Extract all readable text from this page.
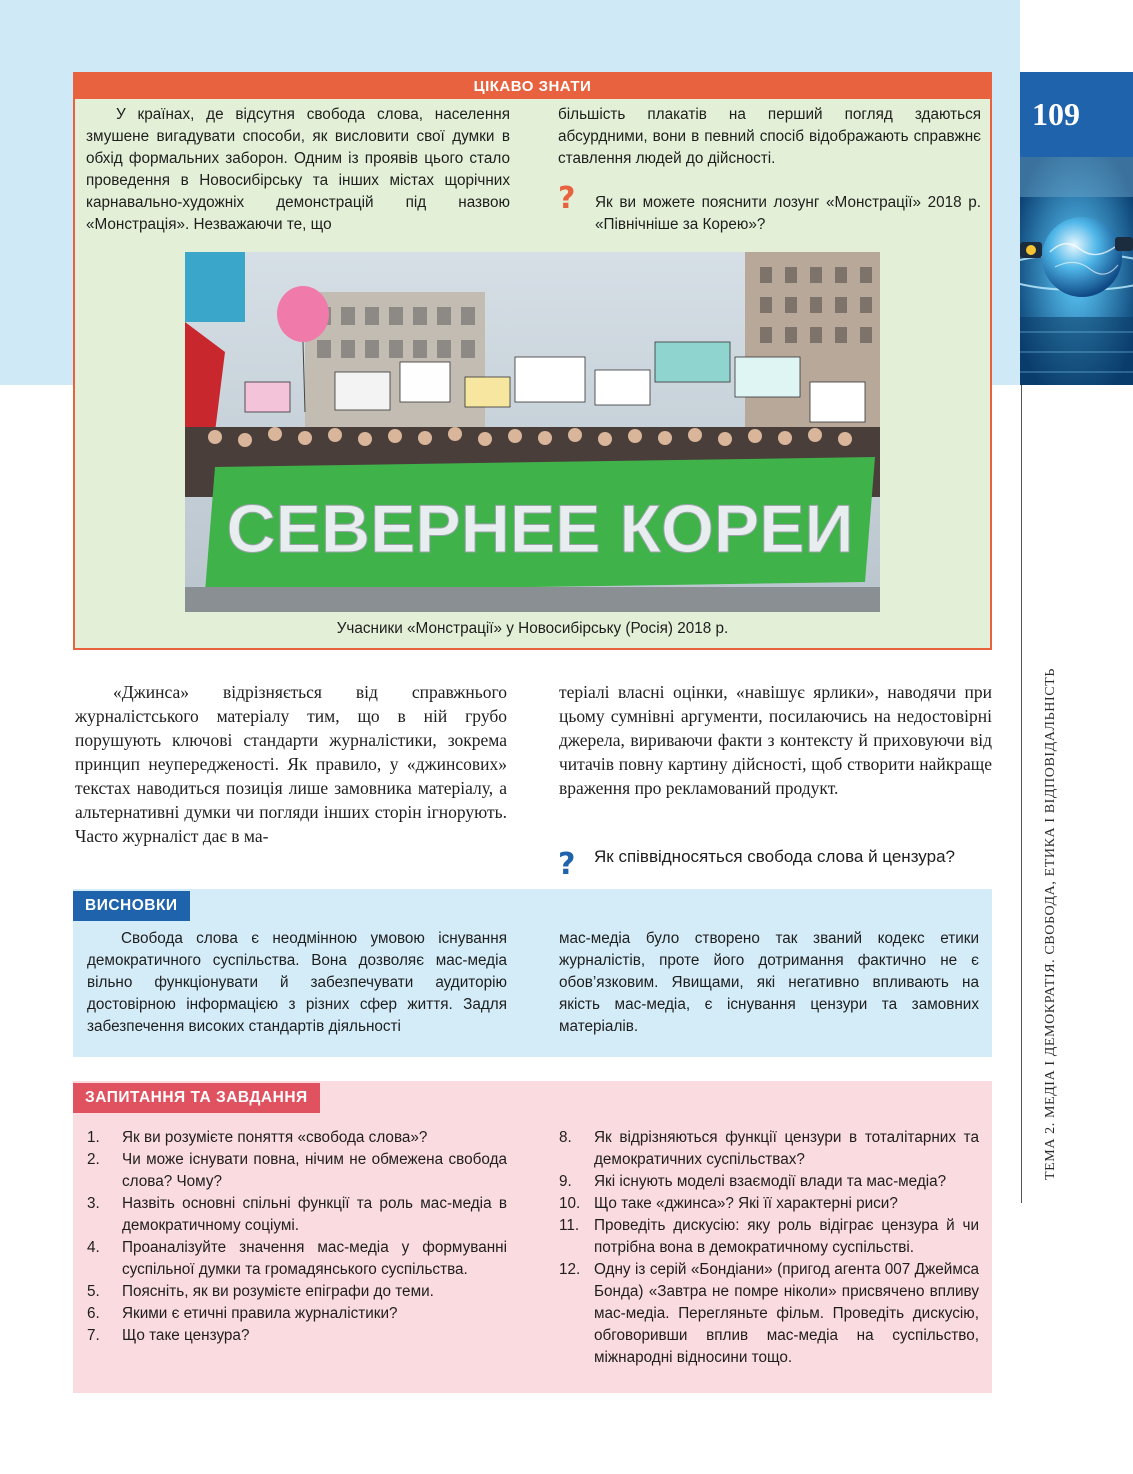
109
ТЕМА 2. МЕДІА І ДЕМОКРАТІЯ. СВОБОДА, ЕТИКА І ВІДПОВІДАЛЬНІСТЬ
ЦІКАВО ЗНАТИ

У країнах, де відсутня свобода слова, населення змушене вигадувати способи, як висловити свої думки в обхід формальних заборон. Одним із проявів цього стало проведення в Новосибірську та інших містах щорічних карнавально-художніх демонстрацій під назвою «Монстрація». Незважаючи те, що

більшість плакатів на перший погляд здаються абсурдними, вони в певний спосіб відображають справжнє ставлення людей до дійсності.

? Як ви можете пояснити лозунг «Монстрації» 2018 р. «Північніше за Корею»?
СЕВЕРНЕЕ КОРЕИ
Учасники «Монстрації» у Новосибірську (Росія) 2018 р.

«Джинса» відрізняється від справжнього журналістського матеріалу тим, що в ній грубо порушують ключові стандарти журналістики, зокрема принцип неупередженості. Як правило, у «джинсових» текстах наводиться позиція лише замовника матеріалу, а альтернативні думки чи погляди інших сторін ігнорують. Часто журналіст дає в ма-

теріалі власні оцінки, «навішує ярлики», наводячи при цьому сумнівні аргументи, посилаючись на недостовірні джерела, вириваючи факти з контексту й приховуючи від читачів повну картину дійсності, щоб створити найкраще враження про рекламований продукт.

? Як співвідносяться свобода слова й цензура?
ВИСНОВКИ

Свобода слова є неодмінною умовою існування демократичного суспільства. Вона дозволяє мас-медіа вільно функціонувати й забезпечувати аудиторію достовірною інформацією з різних сфер життя. Задля забезпечення високих стандартів діяльності

мас-медіа було створено так званий кодекс етики журналістів, проте його дотримання фактично не є обов’язковим. Явищами, які негативно впливають на якість мас-медіа, є існування цензури та замовних матеріалів.

ЗАПИТАННЯ ТА ЗАВДАННЯ
1. Як ви розумієте поняття «свобода слова»?
2. Чи може існувати повна, нічим не обмежена свобода слова? Чому?
3. Назвіть основні спільні функції та роль мас-медіа в демократичному соціумі.
4. Проаналізуйте значення мас-медіа у формуванні суспільної думки та громадянського суспільства.
5. Поясніть, як ви розумієте епіграфи до теми.
6. Якими є етичні правила журналістики?
7. Що таке цензура?
8. Як відрізняються функції цензури в тоталітарних та демократичних суспільствах?
9. Які існують моделі взаємодії влади та мас-медіа?
10. Що таке «джинса»? Які її характерні риси?
11. Проведіть дискусію: яку роль відіграє цензура й чи потрібна вона в демократичному суспільстві.
12. Одну із серій «Бондіани» (пригод агента 007 Джеймса Бонда) «Завтра не помре ніколи» присвячено впливу мас-медіа. Перегляньте фільм. Проведіть дискусію, обговоривши вплив мас-медіа на суспільство, міжнародні відносини тощо.
